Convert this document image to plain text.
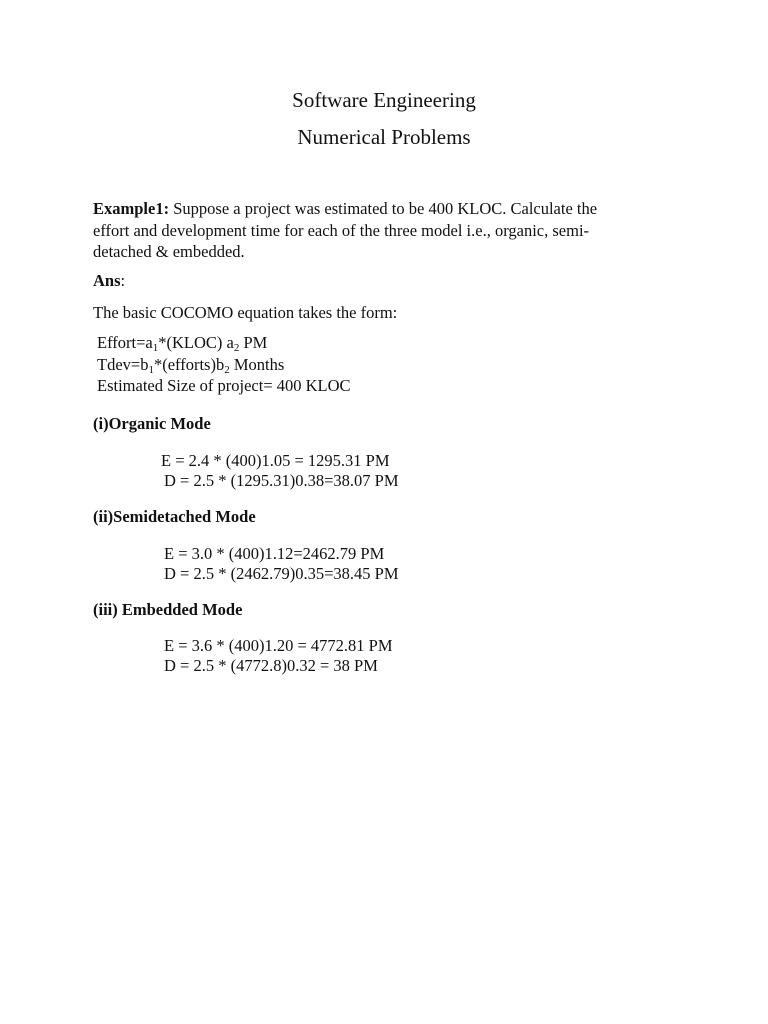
Software Engineering
Numerical Problems
Example1: Suppose a project was estimated to be 400 KLOC. Calculate the
effort and development time for each of the three model i.e., organic, semi-
detached & embedded.
Ans:
The basic COCOMO equation takes the form:
$Effort=a_1*(KLOC)$ $a_2$ PM
$Tdev=b_1*(efforts)b_2$ Months
Estimated Size of project= 400 KLOC
(i)Organic Mode
E = 2.4 * (400)1.05 = 1295.31 PM
D = 2.5 * (1295.31)0.38=38.07 PM
(ii)Semidetached Mode
E = 3.0 * (400)1.12=2462.79 PM
D = 2.5 * (2462.79)0.35=38.45 PM
(iii) Embedded Mode
E = 3.6 * (400)1.20 = 4772.81 PM
D = 2.5 * (4772.8)0.32 = 38 PM
